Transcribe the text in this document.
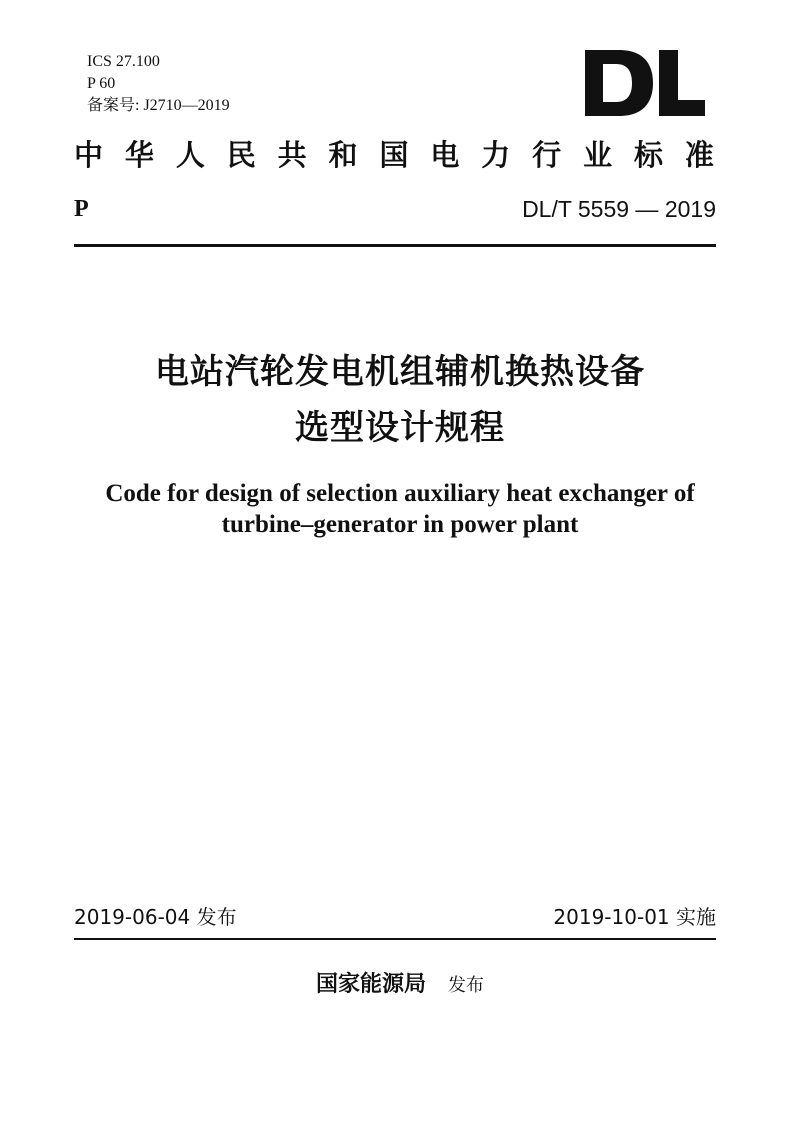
ICS 27.100
P 60
备案号: J2710—2019
中 华 人 民 共 和 国 电 力 行 业 标 准
P	DL/T 5559 — 2019
电站汽轮发电机组辅机换热设备
选型设计规程
Code for design of selection auxiliary heat exchanger of
turbine–generator in power plant
2019-06-04 发布	2019-10-01 实施
国家能源局 发布
